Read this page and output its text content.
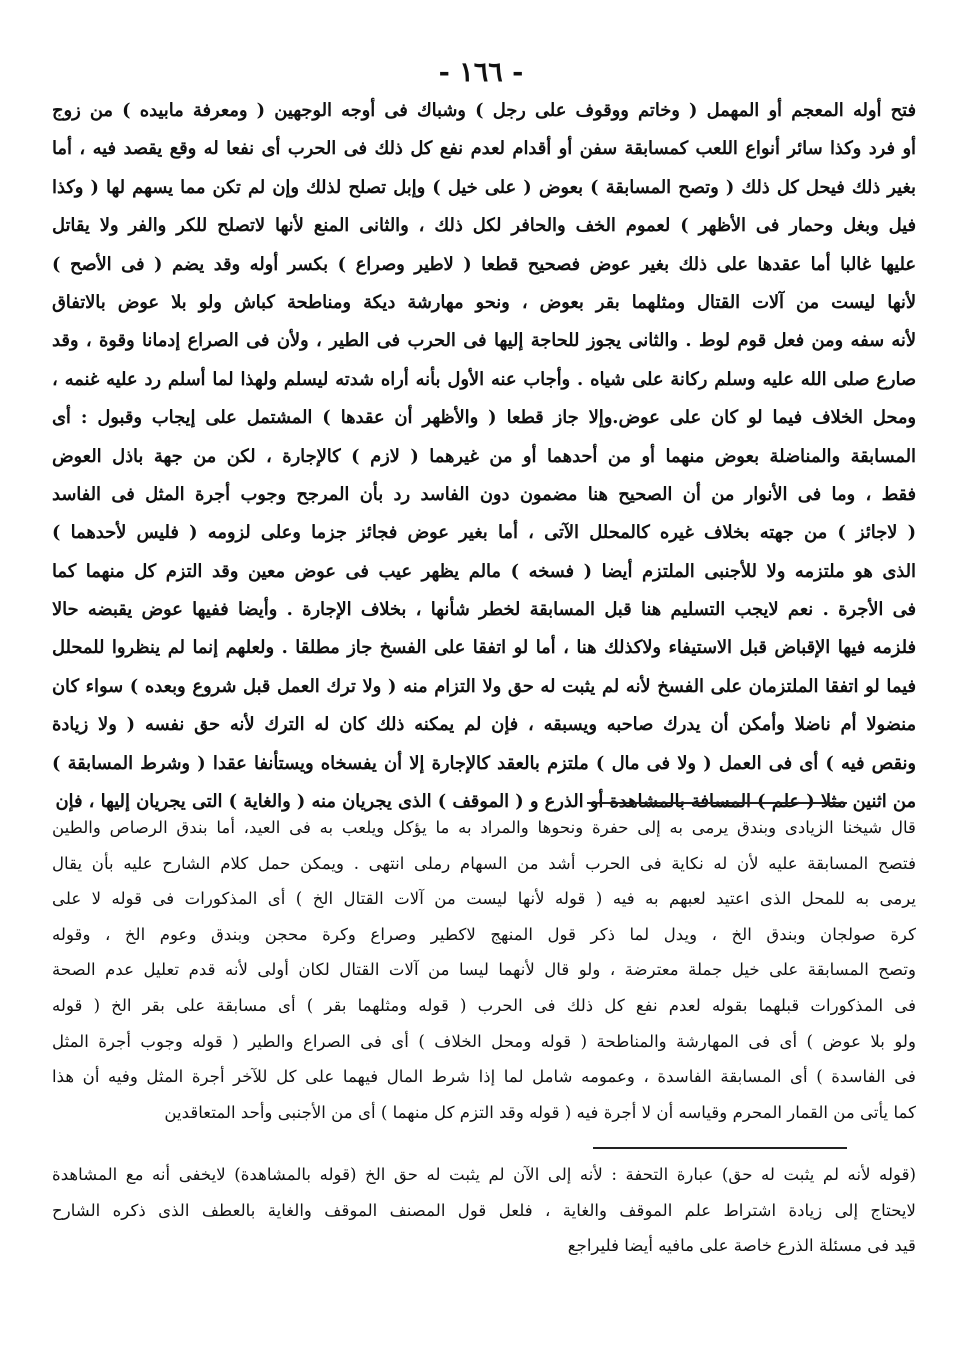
- ١٦٦ -
فتح أوله المعجم أو المهمل ( وخاتم ووقوف على رجل ) وشباك فى أوجه الوجهين ( ومعرفة مابيده ) من زوج
أو فرد وكذا سائر أنواع اللعب كمسابقة سفن أو أقدام لعدم نفع كل ذلك فى الحرب أى نفعا له وقع يقصد فيه ، أما
بغير ذلك فيحل كل ذلك ( وتصح المسابقة ) بعوض ( على خيل ) وإبل تصلح لذلك وإن لم تكن مما يسهم لها ( وكذا
فيل وبغل وحمار فى الأظهر ) لعموم الخف والحافر لكل ذلك ، والثانى المنع لأنها لاتصلح للكر والفر ولا يقاتل
عليها غالبا أما عقدها على ذلك بغير عوض فصحيح قطعا ( لاطير وصراع ) بكسر أوله وقد يضم ( فى الأصح )
لأنها ليست من آلات القتال ومثلهما بقر بعوض ، ونحو مهارشة ديكة ومناطحة كباش ولو بلا عوض بالاتفاق
لأنه سفه ومن فعل قوم لوط . والثانى يجوز للحاجة إليها فى الحرب فى الطير ، ولأن فى الصراع إدمانا وقوة ، وقد
صارع صلى الله عليه وسلم ركانة على شياه . وأجاب عنه الأول بأنه أراه شدته ليسلم ولهذا لما أسلم رد عليه غنمه ،
ومحل الخلاف فيما لو كان على عوض.وإلا جاز قطعا ( والأظهر أن عقدها ) المشتمل على إيجاب وقبول : أى
المسابقة والمناضلة بعوض منهما أو من أحدهما أو من غيرهما ( لازم ) كالإجارة ، لكن من جهة باذل العوض
فقط ، وما فى الأنوار من أن الصحيح هنا مضمون دون الفاسد رد بأن المرجح وجوب أجرة المثل فى الفاسد
( لاجائز ) من جهته بخلاف غيره كالمحلل الآتى ، أما بغير عوض فجائز جزما وعلى لزومه ( فليس لأحدهما )
الذى هو ملتزمه ولا للأجنبى الملتزم أيضا ( فسخه ) مالم يظهر عيب فى عوض معين وقد التزم كل منهما كما
فى الأجرة . نعم لايجب التسليم هنا قبل المسابقة لخطر شأنها ، بخلاف الإجارة . وأيضا ففيها عوض يقبضه حالا
فلزمه فيها الإقباض قبل الاستيفاء ولاكذلك هنا ، أما لو اتفقا على الفسخ جاز مطلقا . ولعلهم إنما لم ينظروا للمحلل
فيما لو اتفقا الملتزمان على الفسخ لأنه لم يثبت له حق ولا التزام منه ( ولا ترك العمل قبل شروع وبعده ) سواء كان
منضولا أم ناضلا وأمكن أن يدرك صاحبه ويسبقه ، فإن لم يمكنه ذلك كان له الترك لأنه حق نفسه ( ولا زيادة
ونقص فيه ) أى فى العمل ( ولا فى مال ) ملتزم بالعقد كالإجارة إلا أن يفسخاه ويستأنفا عقدا ( وشرط المسابقة )
من اثنين مثلا ( علم ) المسافة بالمشاهدة أو الذرع و ( الموقف ) الذى يجريان منه ( والغاية ) التى يجريان إليها ، فإن
قال شيخنا الزيادى وبندق يرمى به إلى حفرة ونحوها والمراد به ما يؤكل ويلعب به فى العيد، أما بندق الرصاص والطين
فتصح المسابقة عليه لأن له نكاية فى الحرب أشد من السهام رملى انتهى . ويمكن حمل كلام الشارح عليه بأن يقال
يرمى به للمحل الذى اعتيد لعبهم به فيه ( قوله لأنها ليست من آلات القتال الخ ) أى المذكورات فى قوله لا على
كرة صولجان وبندق الخ ، ويدل لما ذكر قول المنهج لاكطير وصراع وكرة محجن وبندق وعوم الخ ، وقوله
وتصح المسابقة على خيل جملة معترضة ، ولو قال لأنهما ليسا من آلات القتال لكان أولى لأنه قدم تعليل عدم الصحة
فى المذكورات قبلهما بقوله لعدم نفع كل ذلك فى الحرب ( قوله ومثلهما بقر ) أى مسابقة على بقر الخ ( قوله
ولو بلا عوض ) أى فى المهارشة والمناطحة ( قوله ومحل الخلاف ) أى فى الصراع والطير ( قوله وجوب أجرة المثل
فى الفاسدة ) أى المسابقة الفاسدة ، وعمومه شامل لما إذا شرط المال فيهما على كل للآخر أجرة المثل وفيه أن هذا
كما يأتى من القمار المحرم وقياسه أن لا أجرة فيه ( قوله وقد التزم كل منهما ) أى من الأجنبى وأحد المتعاقدين
(قوله لأنه لم يثبت له حق) عبارة التحفة : لأنه إلى الآن لم يثبت له حق الخ (قوله بالمشاهدة) لايخفى أنه مع المشاهدة
لايحتاج إلى زيادة اشتراط علم الموقف والغاية ، فلعل قول المصنف الموقف والغاية بالعطف الذى ذكره الشارح
قيد فى مسئلة الذرع خاصة على مافيه أيضا فليراجع
